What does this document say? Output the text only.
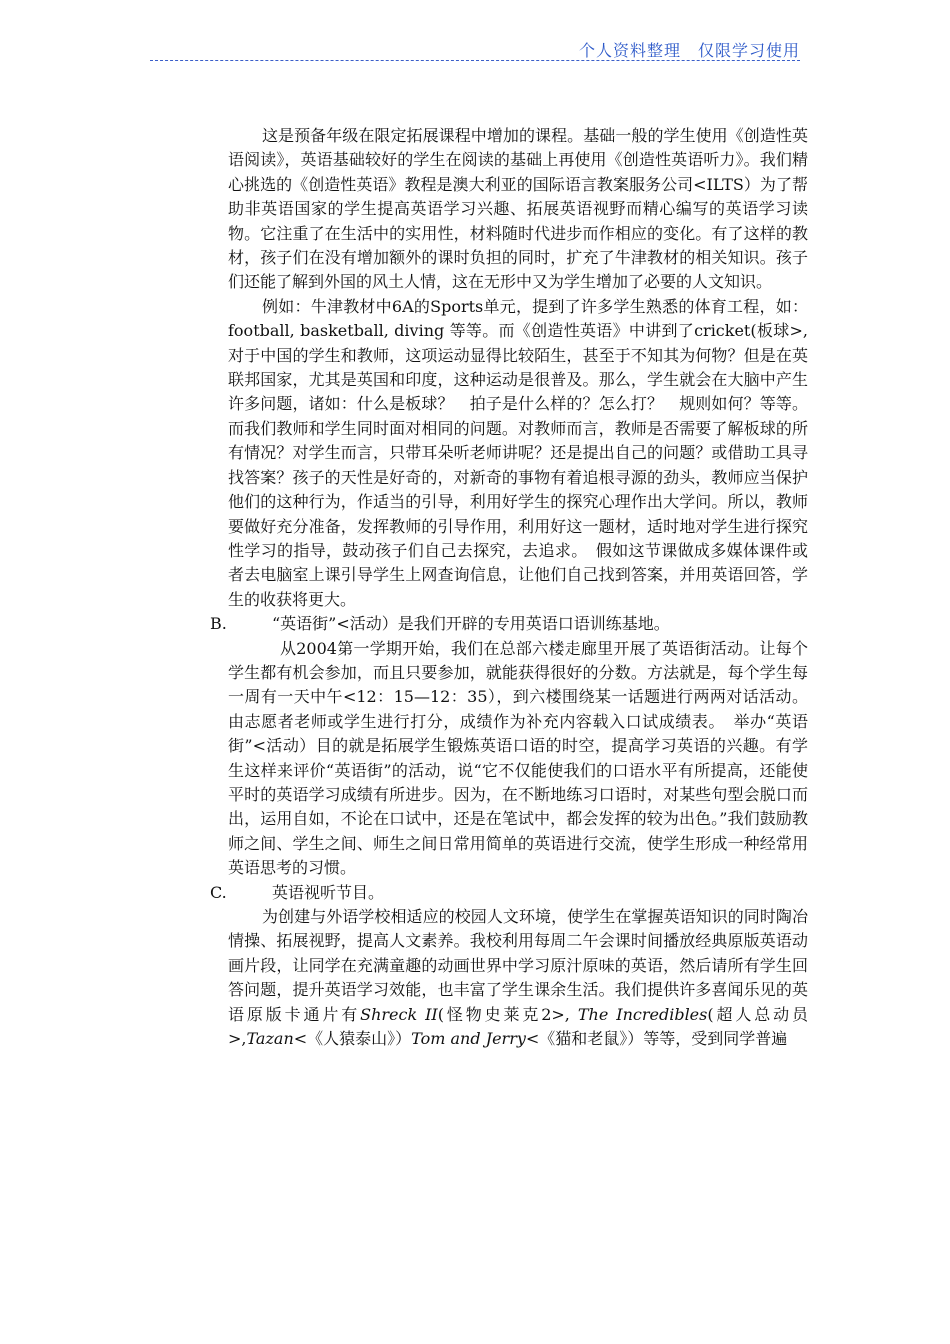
个人资料整理　仅限学习使用

这是预备年级在限定拓展课程中增加的课程。基础一般的学生使用《创造性英语阅读》，英语基础较好的学生在阅读的基础上再使用《创造性英语听力》。我们精心挑选的《创造性英语》教程是澳大利亚的国际语言教案服务公司<ILTS）为了帮助非英语国家的学生提高英语学习兴趣、拓展英语视野而精心编写的英语学习读物。它注重了在生活中的实用性，材料随时代进步而作相应的变化。有了这样的教材，孩子们在没有增加额外的课时负担的同时，扩充了牛津教材的相关知识。孩子们还能了解到外国的风土人情，这在无形中又为学生增加了必要的人文知识。

例如：牛津教材中6A的Sports单元，提到了许多学生熟悉的体育工程，如：football, basketball, diving 等等。而《创造性英语》中讲到了cricket(板球>,对于中国的学生和教师，这项运动显得比较陌生，甚至于不知其为何物？但是在英联邦国家，尤其是英国和印度，这种运动是很普及。那么，学生就会在大脑中产生许多问题，诸如：什么是板球？　拍子是什么样的？怎么打？　规则如何？等等。而我们教师和学生同时面对相同的问题。对教师而言，教师是否需要了解板球的所有情况？对学生而言，只带耳朵听老师讲呢？还是提出自己的问题？或借助工具寻找答案？孩子的天性是好奇的，对新奇的事物有着追根寻源的劲头，教师应当保护他们的这种行为，作适当的引导，利用好学生的探究心理作出大学问。所以，教师要做好充分准备，发挥教师的引导作用，利用好这一题材，适时地对学生进行探究性学习的指导，鼓动孩子们自己去探究，去追求。　假如这节课做成多媒体课件或者去电脑室上课引导学生上网查询信息，让他们自己找到答案，并用英语回答，学生的收获将更大。

B.	“英语街”<活动）是我们开辟的专用英语口语训练基地。

从2004第一学期开始，我们在总部六楼走廊里开展了英语街活动。让每个学生都有机会参加，而且只要参加，就能获得很好的分数。方法就是，每个学生每一周有一天中午<12：15—12：35），到六楼围绕某一话题进行两两对话活动。由志愿者老师或学生进行打分，成绩作为补充内容载入口试成绩表。　举办“英语街”<活动）目的就是拓展学生锻炼英语口语的时空，提高学习英语的兴趣。有学生这样来评价“英语街”的活动，说“它不仅能使我们的口语水平有所提高，还能使平时的英语学习成绩有所进步。因为，在不断地练习口语时，对某些句型会脱口而出，运用自如，不论在口试中，还是在笔试中，都会发挥的较为出色。”我们鼓励教师之间、学生之间、师生之间日常用简单的英语进行交流，使学生形成一种经常用英语思考的习惯。

C.	英语视听节目。

为创建与外语学校相适应的校园人文环境，使学生在掌握英语知识的同时陶冶情操、拓展视野，提高人文素养。我校利用每周二午会课时间播放经典原版英语动画片段，让同学在充满童趣的动画世界中学习原汁原味的英语，然后请所有学生回答问题，提升英语学习效能，也丰富了学生课余生活。我们提供许多喜闻乐见的英语原版卡通片有Shreck II(怪物史莱克2>, The Incredibles(超人总动员>,Tazan<《人猿泰山》）Tom and Jerry<《猫和老鼠》）等等，受到同学普遍
